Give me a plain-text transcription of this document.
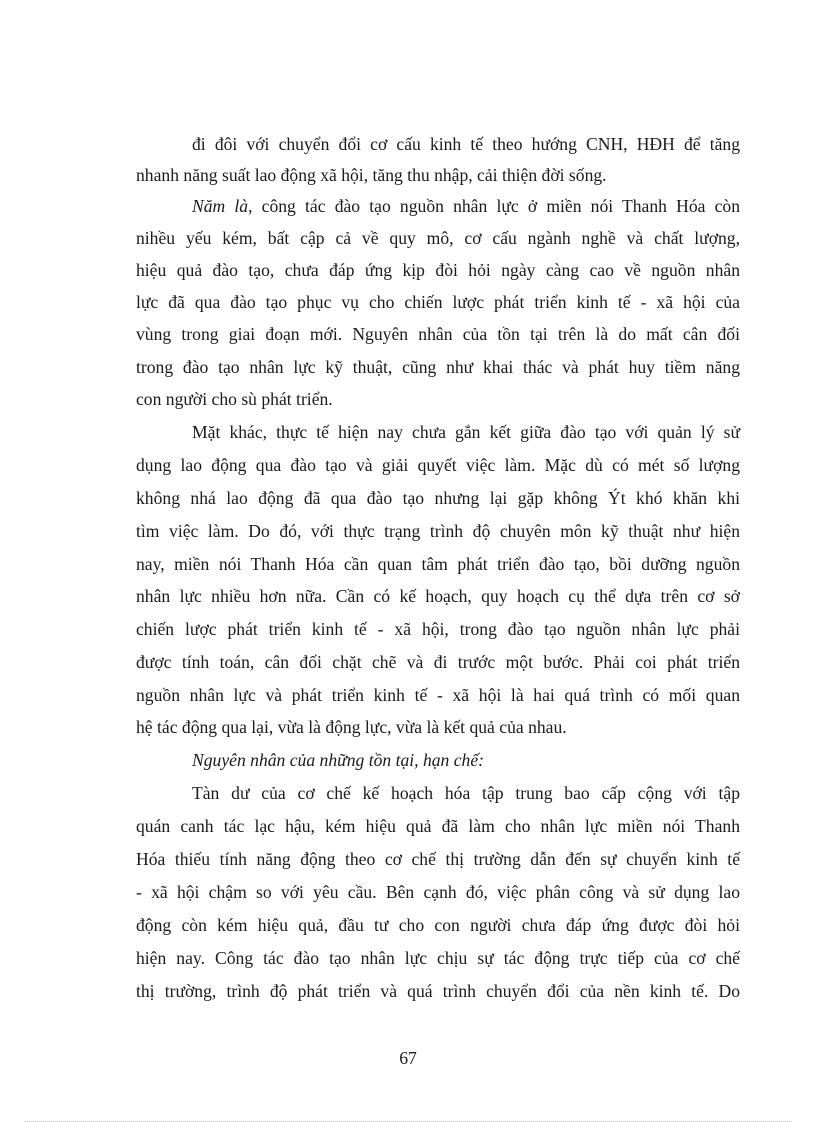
đi đôi với chuyển đổi cơ cấu kinh tế theo hướng CNH, HĐH để tăng
nhanh năng suất lao động xã hội, tăng thu nhập, cải thiện đời sống.
Năm là, công tác đào tạo nguồn nhân lực ở miền nói Thanh Hóa còn
nihều yếu kém, bất cập cả về quy mô, cơ cấu ngành nghề và chất lượng,
hiệu quả đào tạo, chưa đáp ứng kịp đòi hỏi ngày càng cao về nguồn nhân
lực đã qua đào tạo phục vụ cho chiến lược phát triển kinh tế - xã hội của
vùng trong giai đoạn mới. Nguyên nhân của tồn tại trên là do mất cân đối
trong đào tạo nhân lực kỹ thuật, cũng như khai thác và phát huy tiềm năng
con người cho sù phát triển.
Mặt khác, thực tế hiện nay chưa gắn kết giữa đào tạo với quản lý sử
dụng lao động qua đào tạo và giải quyết việc làm. Mặc dù có mét số lượng
không nhá lao động đã qua đào tạo nhưng lại gặp không Ýt khó khăn khi
tìm việc làm. Do đó, với thực trạng trình độ chuyên môn kỹ thuật như hiện
nay, miền nói Thanh Hóa cần quan tâm phát triển đào tạo, bồi dưỡng nguồn
nhân lực nhiều hơn nữa. Cần có kế hoạch, quy hoạch cụ thể dựa trên cơ sở
chiến lược phát triển kinh tế - xã hội, trong đào tạo nguồn nhân lực phải
được tính toán, cân đối chặt chẽ và đi trước một bước. Phải coi phát triển
nguồn nhân lực và phát triển kinh tế - xã hội là hai quá trình có mối quan
hệ tác động qua lại, vừa là động lực, vừa là kết quả của nhau.
Nguyên nhân của những tồn tại, hạn chế:
Tàn dư của cơ chế kế hoạch hóa tập trung bao cấp cộng với tập
quán canh tác lạc hậu, kém hiệu quả đã làm cho nhân lực miền nói Thanh
Hóa thiếu tính năng động theo cơ chế thị trường dẫn đến sự chuyển kinh tế
- xã hội chậm so với yêu cầu. Bên cạnh đó, việc phân công và sử dụng lao
động còn kém hiệu quả, đầu tư cho con người chưa đáp ứng được đòi hỏi
hiện nay. Công tác đào tạo nhân lực chịu sự tác động trực tiếp của cơ chế
thị trường, trình độ phát triển và quá trình chuyển đổi của nền kinh tế. Do
67
